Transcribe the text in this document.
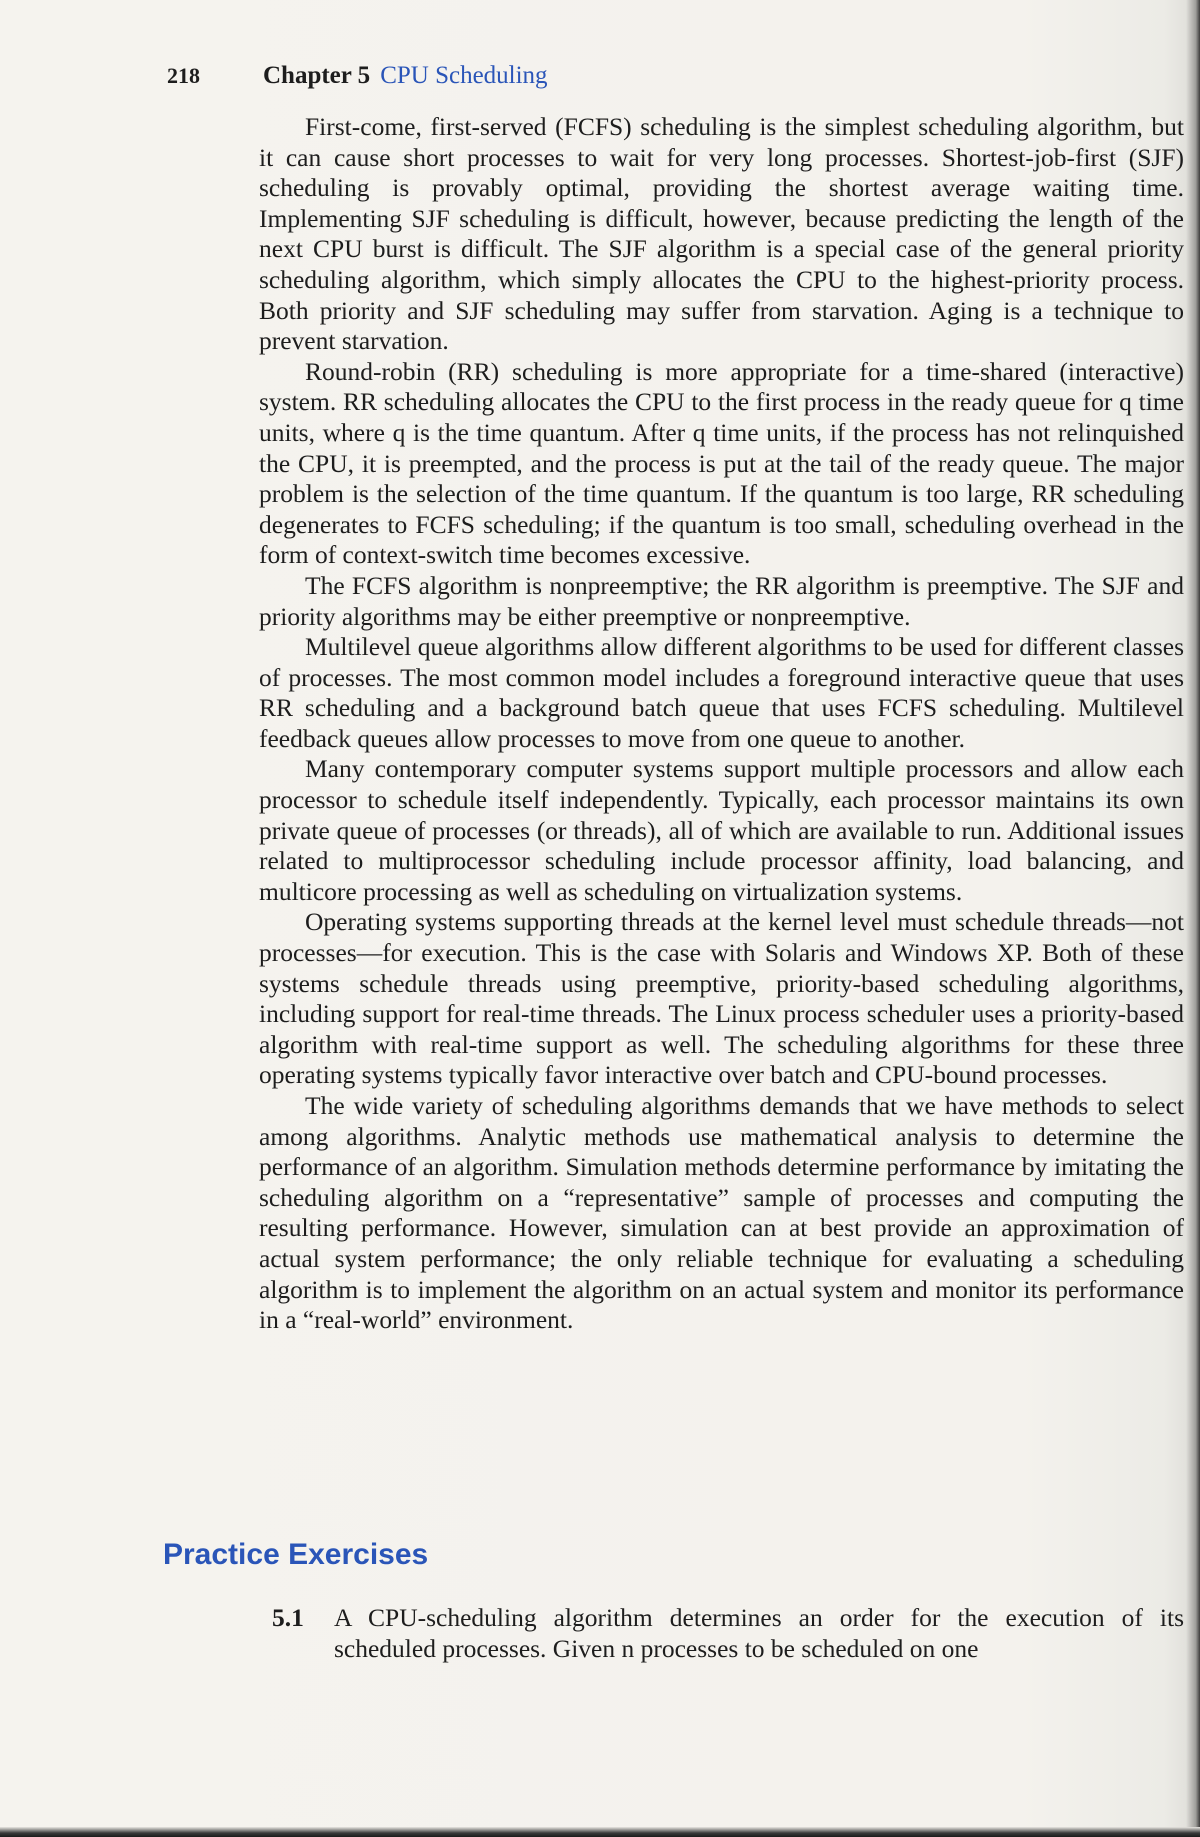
218	Chapter 5 CPU Scheduling

First-come, first-served (FCFS) scheduling is the simplest scheduling algorithm, but it can cause short processes to wait for very long processes. Shortest-job-first (SJF) scheduling is provably optimal, providing the shortest average waiting time. Implementing SJF scheduling is difficult, however, because predicting the length of the next CPU burst is difficult. The SJF algorithm is a special case of the general priority scheduling algorithm, which simply allocates the CPU to the highest-priority process. Both priority and SJF scheduling may suffer from starvation. Aging is a technique to prevent starvation.

Round-robin (RR) scheduling is more appropriate for a time-shared (interactive) system. RR scheduling allocates the CPU to the first process in the ready queue for q time units, where q is the time quantum. After q time units, if the process has not relinquished the CPU, it is preempted, and the process is put at the tail of the ready queue. The major problem is the selection of the time quantum. If the quantum is too large, RR scheduling degenerates to FCFS scheduling; if the quantum is too small, scheduling overhead in the form of context-switch time becomes excessive.

The FCFS algorithm is nonpreemptive; the RR algorithm is preemptive. The SJF and priority algorithms may be either preemptive or nonpreemptive.

Multilevel queue algorithms allow different algorithms to be used for different classes of processes. The most common model includes a foreground interactive queue that uses RR scheduling and a background batch queue that uses FCFS scheduling. Multilevel feedback queues allow processes to move from one queue to another.

Many contemporary computer systems support multiple processors and allow each processor to schedule itself independently. Typically, each processor maintains its own private queue of processes (or threads), all of which are available to run. Additional issues related to multiprocessor scheduling include processor affinity, load balancing, and multicore processing as well as scheduling on virtualization systems.

Operating systems supporting threads at the kernel level must schedule threads—not processes—for execution. This is the case with Solaris and Windows XP. Both of these systems schedule threads using preemptive, priority-based scheduling algorithms, including support for real-time threads. The Linux process scheduler uses a priority-based algorithm with real-time support as well. The scheduling algorithms for these three operating systems typically favor interactive over batch and CPU-bound processes.

The wide variety of scheduling algorithms demands that we have methods to select among algorithms. Analytic methods use mathematical analysis to determine the performance of an algorithm. Simulation methods determine performance by imitating the scheduling algorithm on a “representative” sample of processes and computing the resulting performance. However, simulation can at best provide an approximation of actual system performance; the only reliable technique for evaluating a scheduling algorithm is to implement the algorithm on an actual system and monitor its performance in a “real-world” environment.

Practice Exercises
5.1 A CPU-scheduling algorithm determines an order for the execution of its scheduled processes. Given n processes to be scheduled on one
